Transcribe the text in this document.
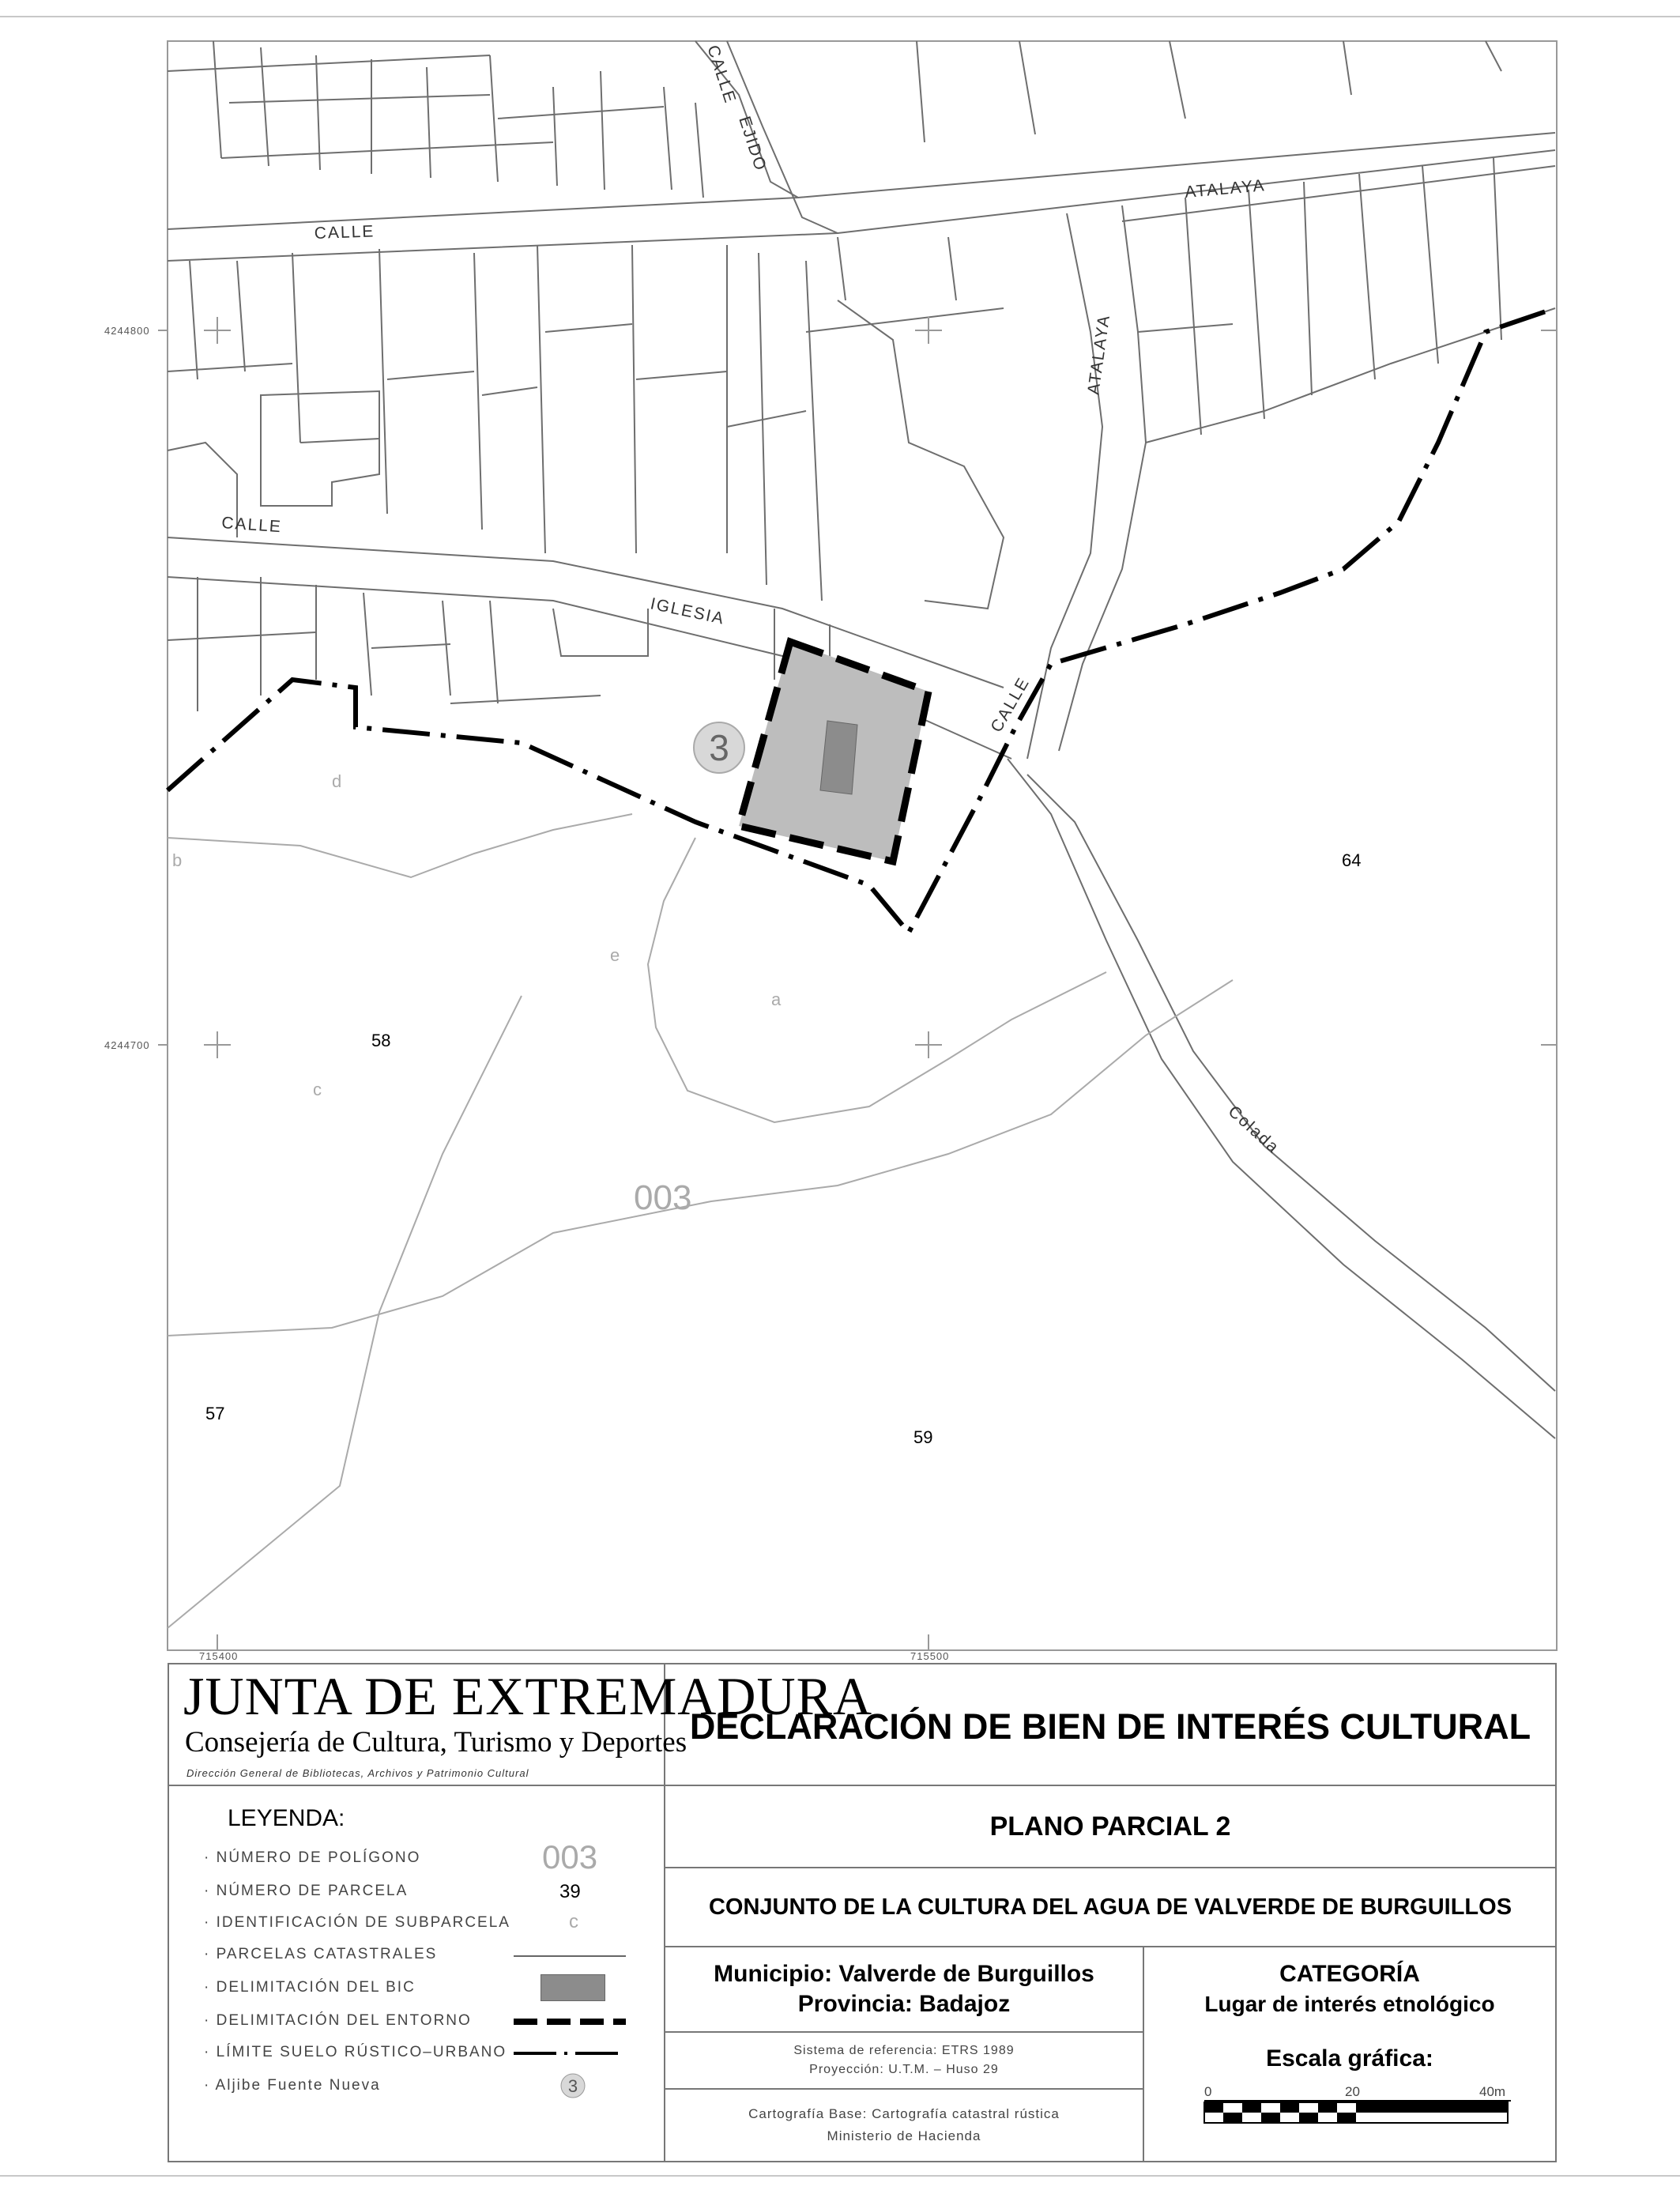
CALLE
EJIDO
ATALAYA
CALLE
ATALAYA
CALLE
IGLESIA
CALLE
Colada
64
58
57
59
d
b
e
a
c
003
3
4244800
4244700
715400	715500
JUNTA DE EXTREMADURA
Consejería de Cultura, Turismo y Deportes
Dirección General de Bibliotecas, Archivos y Patrimonio Cultural
DECLARACIÓN DE BIEN DE INTERÉS CULTURAL
PLANO PARCIAL 2
CONJUNTO DE LA CULTURA DEL AGUA DE VALVERDE DE BURGUILLOS
Municipio: Valverde de Burguillos
Provincia: Badajoz
CATEGORÍA
Lugar de interés etnológico
Sistema de referencia: ETRS 1989
Proyección: U.T.M. – Huso 29
Cartografía Base: Cartografía catastral rústica
Ministerio de Hacienda
Escala gráfica:
0	20	40m
LEYENDA:
· NÚMERO DE POLÍGONO	003
· NÚMERO DE PARCELA	39
· IDENTIFICACIÓN DE SUBPARCELA	c
· PARCELAS CATASTRALES
· DELIMITACIÓN DEL BIC
· DELIMITACIÓN DEL ENTORNO
· LÍMITE SUELO RÚSTICO–URBANO
· Aljibe Fuente Nueva	3
